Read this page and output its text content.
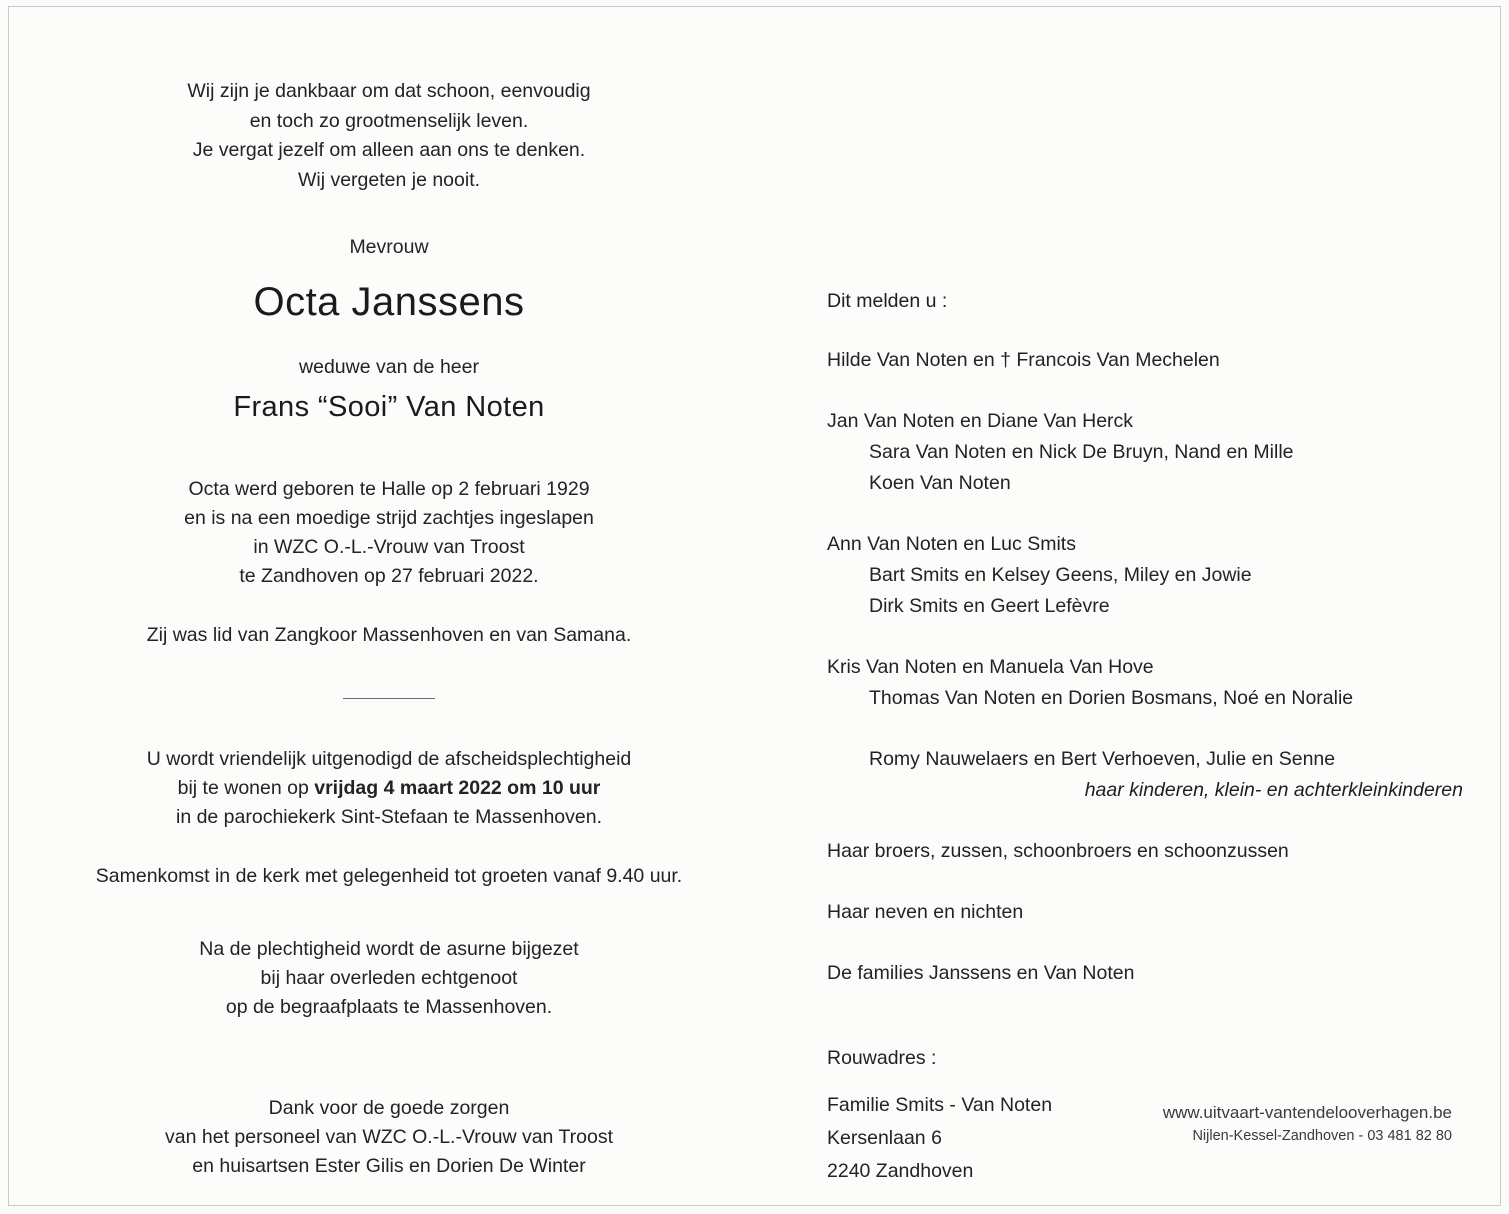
Wij zijn je dankbaar om dat schoon, eenvoudig
en toch zo grootmenselijk leven.
Je vergat jezelf om alleen aan ons te denken.
Wij vergeten je nooit.
Mevrouw
Octa Janssens
weduwe van de heer
Frans “Sooi” Van Noten
Octa werd geboren te Halle op 2 februari 1929
en is na een moedige strijd zachtjes ingeslapen
in WZC O.-L.-Vrouw van Troost
te Zandhoven op 27 februari 2022.
Zij was lid van Zangkoor Massenhoven en van Samana.
U wordt vriendelijk uitgenodigd de afscheidsplechtigheid
bij te wonen op vrijdag 4 maart 2022 om 10 uur
in de parochiekerk Sint-Stefaan te Massenhoven.
Samenkomst in de kerk met gelegenheid tot groeten vanaf 9.40 uur.
Na de plechtigheid wordt de asurne bijgezet
bij haar overleden echtgenoot
op de begraafplaats te Massenhoven.
Dank voor de goede zorgen
van het personeel van WZC O.-L.-Vrouw van Troost
en huisartsen Ester Gilis en Dorien De Winter
Dit melden u :
Hilde Van Noten en † Francois Van Mechelen
Jan Van Noten en Diane Van Herck
Sara Van Noten en Nick De Bruyn, Nand en Mille
Koen Van Noten
Ann Van Noten en Luc Smits
Bart Smits en Kelsey Geens, Miley en Jowie
Dirk Smits en Geert Lefèvre
Kris Van Noten en Manuela Van Hove
Thomas Van Noten en Dorien Bosmans, Noé en Noralie
Romy Nauwelaers en Bert Verhoeven, Julie en Senne
haar kinderen, klein- en achterkleinkinderen
Haar broers, zussen, schoonbroers en schoonzussen
Haar neven en nichten
De families Janssens en Van Noten
Rouwadres :
Familie Smits - Van Noten
Kersenlaan 6
2240 Zandhoven
www.uitvaart-vantendelooverhagen.be
Nijlen-Kessel-Zandhoven - 03 481 82 80
